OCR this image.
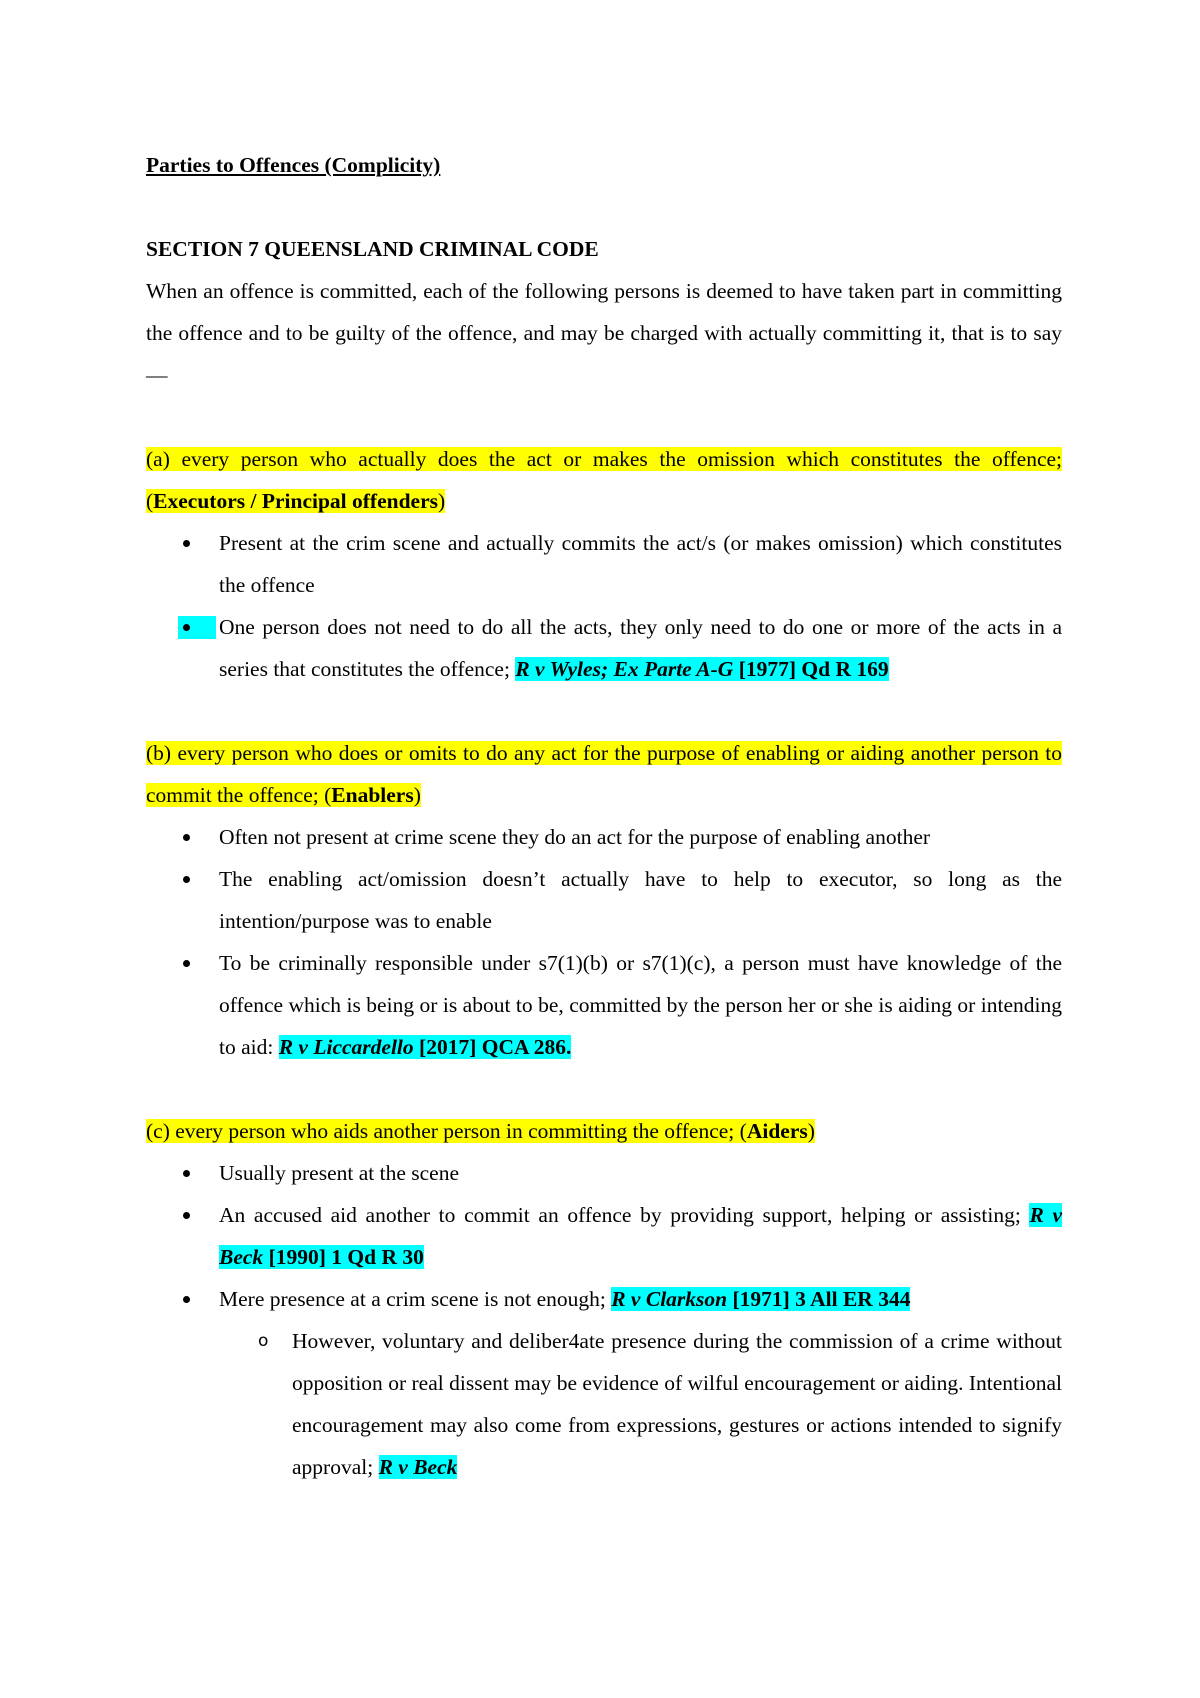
Parties to Offences (Complicity)
SECTION 7 QUEENSLAND CRIMINAL CODE
When an offence is committed, each of the following persons is deemed to have taken part in committing the offence and to be guilty of the offence, and may be charged with actually committing it, that is to say—
(a) every person who actually does the act or makes the omission which constitutes the offence; (Executors / Principal offenders)
Present at the crim scene and actually commits the act/s (or makes omission) which constitutes the offence
One person does not need to do all the acts, they only need to do one or more of the acts in a series that constitutes the offence; R v Wyles; Ex Parte A-G [1977] Qd R 169
(b) every person who does or omits to do any act for the purpose of enabling or aiding another person to commit the offence; (Enablers)
Often not present at crime scene they do an act for the purpose of enabling another
The enabling act/omission doesn’t actually have to help to executor, so long as the intention/purpose was to enable
To be criminally responsible under s7(1)(b) or s7(1)(c), a person must have knowledge of the offence which is being or is about to be, committed by the person her or she is aiding or intending to aid: R v Liccardello [2017] QCA 286.
(c) every person who aids another person in committing the offence; (Aiders)
Usually present at the scene
An accused aid another to commit an offence by providing support, helping or assisting; R v Beck [1990] 1 Qd R 30
Mere presence at a crim scene is not enough; R v Clarkson [1971] 3 All ER 344
o However, voluntary and deliber4ate presence during the commission of a crime without opposition or real dissent may be evidence of wilful encouragement or aiding. Intentional encouragement may also come from expressions, gestures or actions intended to signify approval; R v Beck
